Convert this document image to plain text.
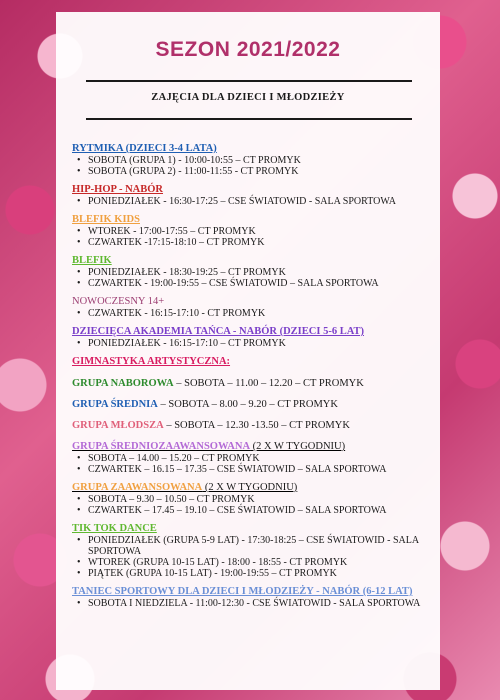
SEZON 2021/2022
ZAJĘCIA DLA DZIECI I MŁODZIEŻY
RYTMIKA (DZIECI 3-4 LATA)
• SOBOTA (GRUPA 1) - 10:00-10:55 – CT PROMYK
• SOBOTA (GRUPA 2) - 11:00-11:55 - CT PROMYK
HIP-HOP - NABÓR
• PONIEDZIAŁEK - 16:30-17:25 – CSE ŚWIATOWID - SALA SPORTOWA
BLEFIK KIDS
• WTOREK - 17:00-17:55 – CT PROMYK
• CZWARTEK -17:15-18:10 – CT PROMYK
BLEFIK
• PONIEDZIAŁEK - 18:30-19:25 – CT PROMYK
• CZWARTEK - 19:00-19:55 – CSE ŚWIATOWID – SALA SPORTOWA
NOWOCZESNY 14+
• CZWARTEK - 16:15-17:10 - CT PROMYK
DZIECIĘCA AKADEMIA TAŃCA - NABÓR (DZIECI 5-6 LAT)
• PONIEDZIAŁEK - 16:15-17:10 – CT PROMYK
GIMNASTYKA ARTYSTYCZNA:
GRUPA NABOROWA – SOBOTA – 11.00 – 12.20 – CT PROMYK
GRUPA ŚREDNIA – SOBOTA – 8.00 – 9.20 – CT PROMYK
GRUPA MŁODSZA – SOBOTA – 12.30 -13.50 – CT PROMYK
GRUPA ŚREDNIOZAAWANSOWANA (2 X W TYGODNIU)
• SOBOTA – 14.00 – 15.20 – CT PROMYK
• CZWARTEK – 16.15 – 17.35 – CSE ŚWIATOWID – SALA SPORTOWA
GRUPA ZAAWANSOWANA (2 X W TYGODNIU)
• SOBOTA – 9.30 – 10.50 – CT PROMYK
• CZWARTEK – 17.45 – 19.10 – CSE ŚWIATOWID – SALA SPORTOWA
TIK TOK DANCE
• PONIEDZIAŁEK (GRUPA 5-9 LAT) - 17:30-18:25 – CSE ŚWIATOWID - SALA SPORTOWA
• WTOREK (GRUPA 10-15 LAT) - 18:00 - 18:55 - CT PROMYK
• PIĄTEK (GRUPA 10-15 LAT) - 19:00-19:55 – CT PROMYK
TANIEC SPORTOWY DLA DZIECI I MŁODZIEŻY - NABÓR (6-12 LAT)
• SOBOTA I NIEDZIELA - 11:00-12:30 - CSE ŚWIATOWID - SALA SPORTOWA
